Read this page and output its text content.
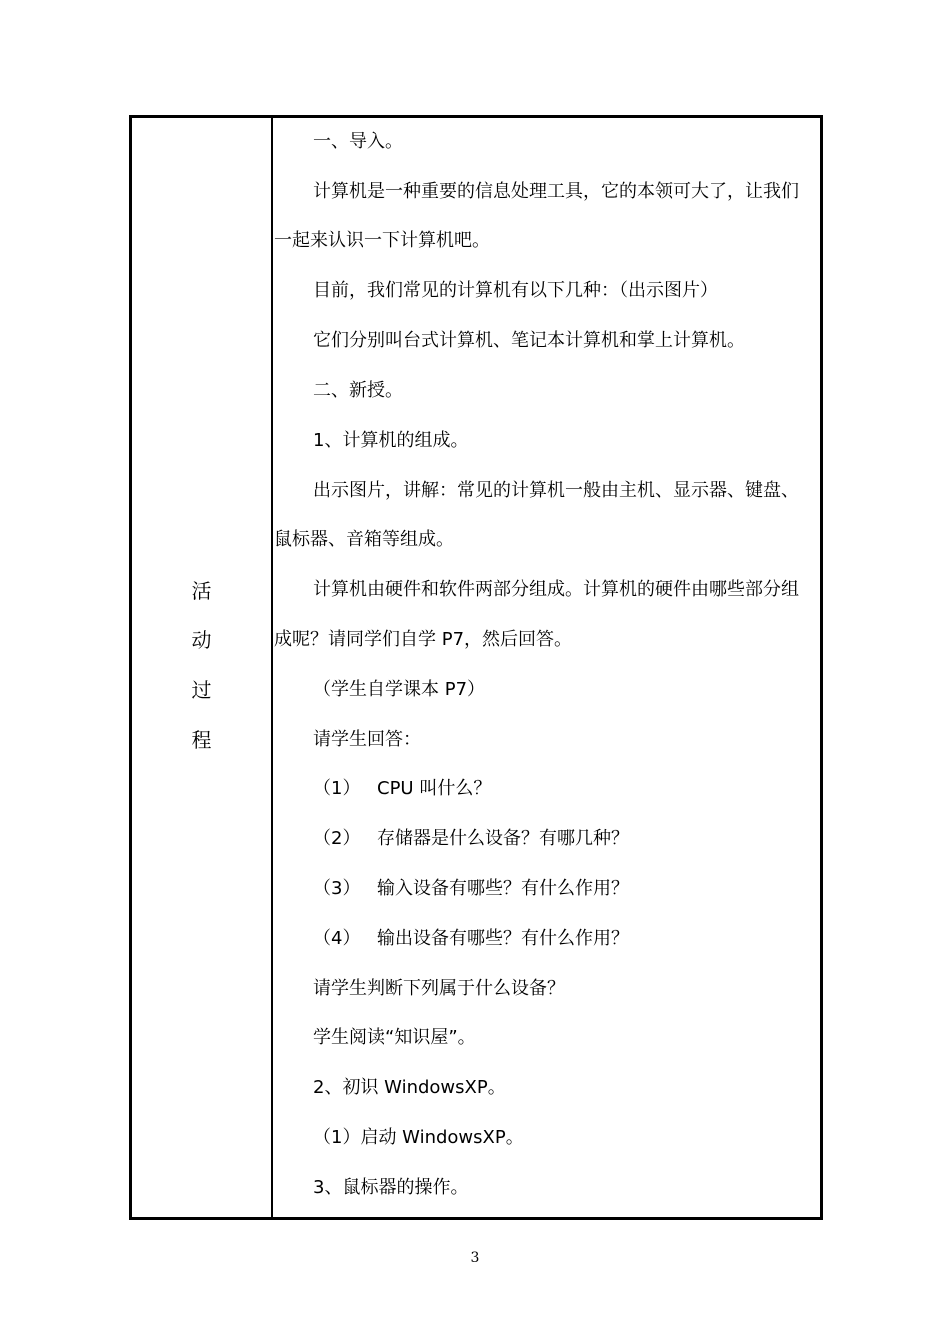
活
动
过
程
一、导入。
计算机是一种重要的信息处理工具，它的本领可大了，让我们
一起来认识一下计算机吧。
目前，我们常见的计算机有以下几种：（出示图片）
它们分别叫台式计算机、笔记本计算机和掌上计算机。
二、新授。
1、计算机的组成。
出示图片，讲解：常见的计算机一般由主机、显示器、键盘、
鼠标器、音箱等组成。
计算机由硬件和软件两部分组成。计算机的硬件由哪些部分组
成呢？请同学们自学 P7，然后回答。
（学生自学课本 P7）
请学生回答：
（1） CPU 叫什么？
（2） 存储器是什么设备？有哪几种？
（3） 输入设备有哪些？有什么作用？
（4） 输出设备有哪些？有什么作用？
请学生判断下列属于什么设备？
学生阅读“知识屋”。
2、初识 WindowsXP。
（1）启动 WindowsXP。
3、鼠标器的操作。
3
